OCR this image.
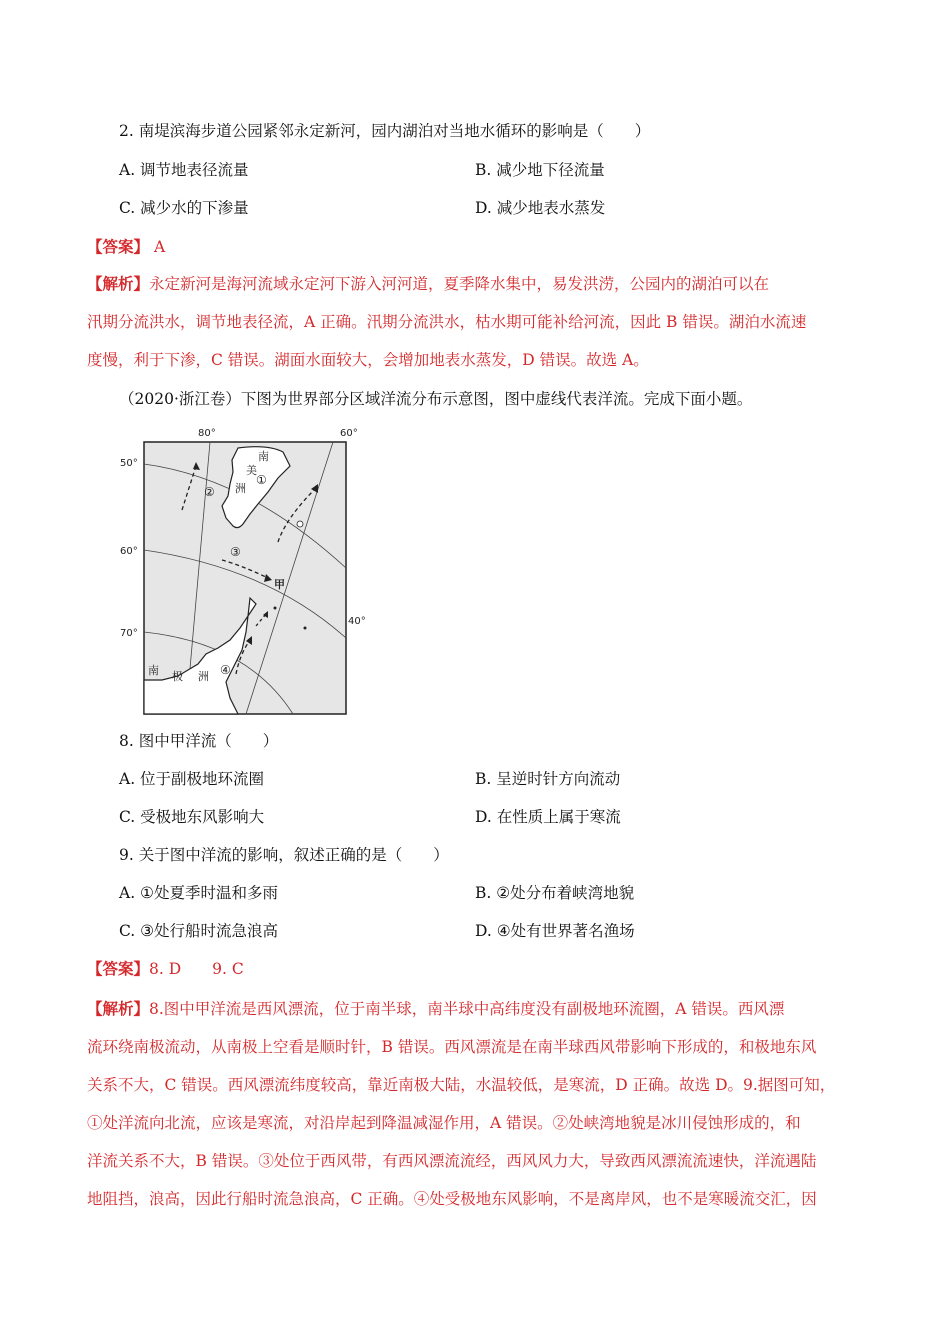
2. 南堤滨海步道公园紧邻永定新河，园内湖泊对当地水循环的影响是（　　）
A. 调节地表径流量	B. 减少地下径流量
C. 减少水的下渗量	D. 减少地表水蒸发
【答案】 A
【解析】永定新河是海河流域永定河下游入河河道，夏季降水集中，易发洪涝，公园内的湖泊可以在
汛期分流洪水，调节地表径流，A 正确。汛期分流洪水，枯水期可能补给河流，因此 B 错误。湖泊水流速
度慢，利于下渗，C 错误。湖面水面较大，会增加地表水蒸发，D 错误。故选 A。
（2020·浙江卷）下图为世界部分区域洋流分布示意图，图中虚线代表洋流。完成下面小题。
80°	60°
40°
50°
60°
70°
南
美
洲
南 极 洲
①
②
③
④
甲
8. 图中甲洋流（　　）
A. 位于副极地环流圈	B. 呈逆时针方向流动
C. 受极地东风影响大	D. 在性质上属于寒流
9. 关于图中洋流的影响，叙述正确的是（　　）
A. ①处夏季时温和多雨	B. ②处分布着峡湾地貌
C. ③处行船时流急浪高	D. ④处有世界著名渔场
【答案】8. D　　9. C
【解析】8.图中甲洋流是西风漂流，位于南半球，南半球中高纬度没有副极地环流圈，A 错误。西风漂
流环绕南极流动，从南极上空看是顺时针，B 错误。西风漂流是在南半球西风带影响下形成的，和极地东风
关系不大，C 错误。西风漂流纬度较高，靠近南极大陆，水温较低，是寒流，D 正确。故选 D。9.据图可知，
①处洋流向北流，应该是寒流，对沿岸起到降温减湿作用，A 错误。②处峡湾地貌是冰川侵蚀形成的，和
洋流关系不大，B 错误。③处位于西风带，有西风漂流流经，西风风力大，导致西风漂流流速快，洋流遇陆
地阻挡，浪高，因此行船时流急浪高，C 正确。④处受极地东风影响，不是离岸风，也不是寒暖流交汇，因
